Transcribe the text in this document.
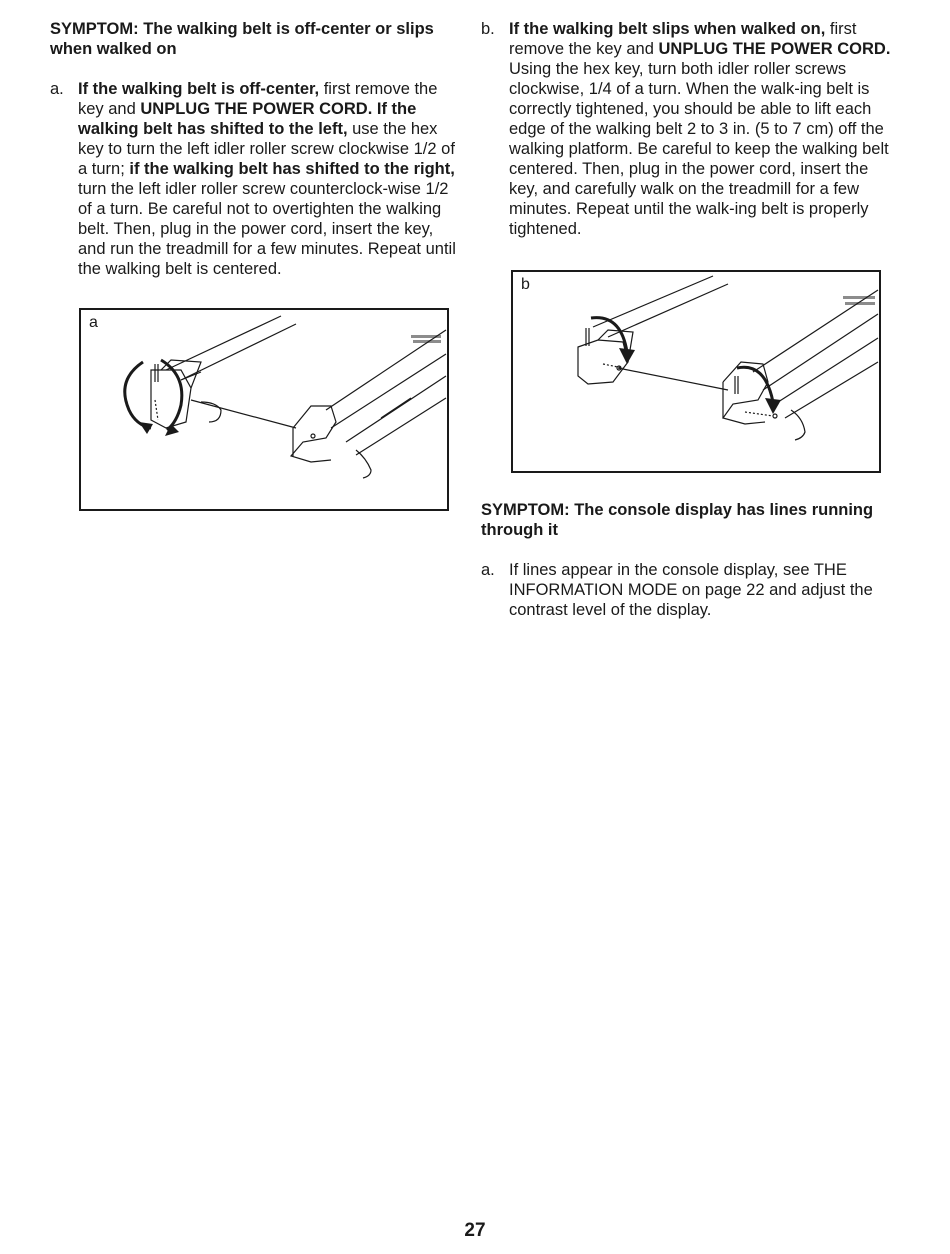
SYMPTOM: The walking belt is off-center or slips when walked on

a. If the walking belt is off-center, first remove the key and UNPLUG THE POWER CORD. If the walking belt has shifted to the left, use the hex key to turn the left idler roller screw clockwise 1/2 of a turn; if the walking belt has shifted to the right, turn the left idler roller screw counterclock-wise 1/2 of a turn. Be careful not to overtighten the walking belt. Then, plug in the power cord, insert the key, and run the treadmill for a few minutes. Repeat until the walking belt is centered.
a
b. If the walking belt slips when walked on, first remove the key and UNPLUG THE POWER CORD. Using the hex key, turn both idler roller screws clockwise, 1/4 of a turn. When the walk-ing belt is correctly tightened, you should be able to lift each edge of the walking belt 2 to 3 in. (5 to 7 cm) off the walking platform. Be careful to keep the walking belt centered. Then, plug in the power cord, insert the key, and carefully walk on the treadmill for a few minutes. Repeat until the walk-ing belt is properly tightened.
b

SYMPTOM: The console display has lines running through it

a. If lines appear in the console display, see THE INFORMATION MODE on page 22 and adjust the contrast level of the display.
27
